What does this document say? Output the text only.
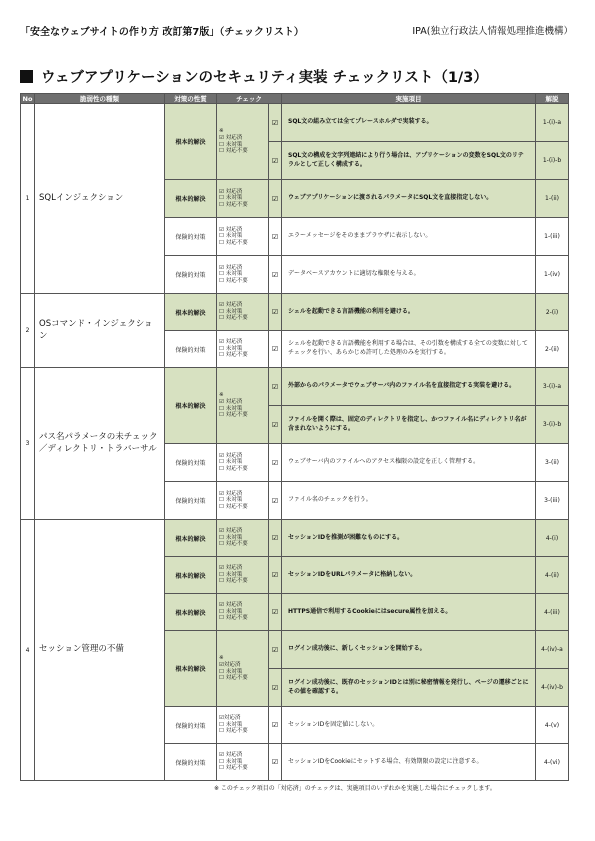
「安全なウェブサイトの作り方 改訂第7版」（チェックリスト）	IPA(独立行政法人情報処理推進機構）
ウェブアプリケーションのセキュリティ実装 チェックリスト（1/3）
No	脆弱性の種類	対策の性質	チェック		実施項目	解説
1	SQLインジェクション	根本的解決	※
☑ 対応済
☐ 未対策
☐ 対応不要	☑	SQL文の組み立ては全てプレースホルダで実装する。	1-(i)-a
				☑	SQL文の構成を文字列連結により行う場合は、アプリケーションの変数をSQL文のリテラルとして正しく構成する。	1-(i)-b
		根本的解決	☑ 対応済
☐ 未対策
☐ 対応不要	☑	ウェブアプリケーションに渡されるパラメータにSQL文を直接指定しない。	1-(ii)
		保険的対策	☑ 対応済
☐ 未対策
☐ 対応不要	☑	エラーメッセージをそのままブラウザに表示しない。	1-(iii)
		保険的対策	☑ 対応済
☐ 未対策
☐ 対応不要	☑	データベースアカウントに適切な権限を与える。	1-(iv)
2	OSコマンド・インジェクション	根本的解決	☑ 対応済
☐ 未対策
☐ 対応不要	☑	シェルを起動できる言語機能の利用を避ける。	2-(i)
		保険的対策	☑ 対応済
☐ 未対策
☐ 対応不要	☑	シェルを起動できる言語機能を利用する場合は、その引数を構成する全ての変数に対してチェックを行い、あらかじめ許可した処理のみを実行する。	2-(ii)
3	パス名パラメータの未チェック／ディレクトリ・トラバーサル	根本的解決	※
☑ 対応済
☐ 未対策
☐ 対応不要	☑	外部からのパラメータでウェブサーバ内のファイル名を直接指定する実装を避ける。	3-(i)-a
				☑	ファイルを開く際は、固定のディレクトリを指定し、かつファイル名にディレクトリ名が含まれないようにする。	3-(i)-b
		保険的対策	☑ 対応済
☐ 未対策
☐ 対応不要	☑	ウェブサーバ内のファイルへのアクセス権限の設定を正しく管理する。	3-(ii)
		保険的対策	☑ 対応済
☐ 未対策
☐ 対応不要	☑	ファイル名のチェックを行う。	3-(iii)
4	セッション管理の不備	根本的解決	☑ 対応済
☐ 未対策
☐ 対応不要	☑	セッションIDを推測が困難なものにする。	4-(i)
		根本的解決	☑ 対応済
☐ 未対策
☐ 対応不要	☑	セッションIDをURLパラメータに格納しない。	4-(ii)
		根本的解決	☑ 対応済
☐ 未対策
☐ 対応不要	☑	HTTPS通信で利用するCookieにはsecure属性を加える。	4-(iii)
		根本的解決	※
☑対応済
☐ 未対策
☐ 対応不要	☑	ログイン成功後に、新しくセッションを開始する。	4-(iv)-a
				☑	ログイン成功後に、既存のセッションIDとは別に秘密情報を発行し、ページの遷移ごとにその値を確認する。	4-(iv)-b
		保険的対策	☑対応済
☐ 未対策
☐ 対応不要	☑	セッションIDを固定値にしない。	4-(v)
		保険的対策	☑ 対応済
☐ 未対策
☐ 対応不要	☑	セッションIDをCookieにセットする場合、有効期限の設定に注意する。	4-(vi)
※ このチェック項目の「対応済」のチェックは、実施項目のいずれかを実施した場合にチェックします。
